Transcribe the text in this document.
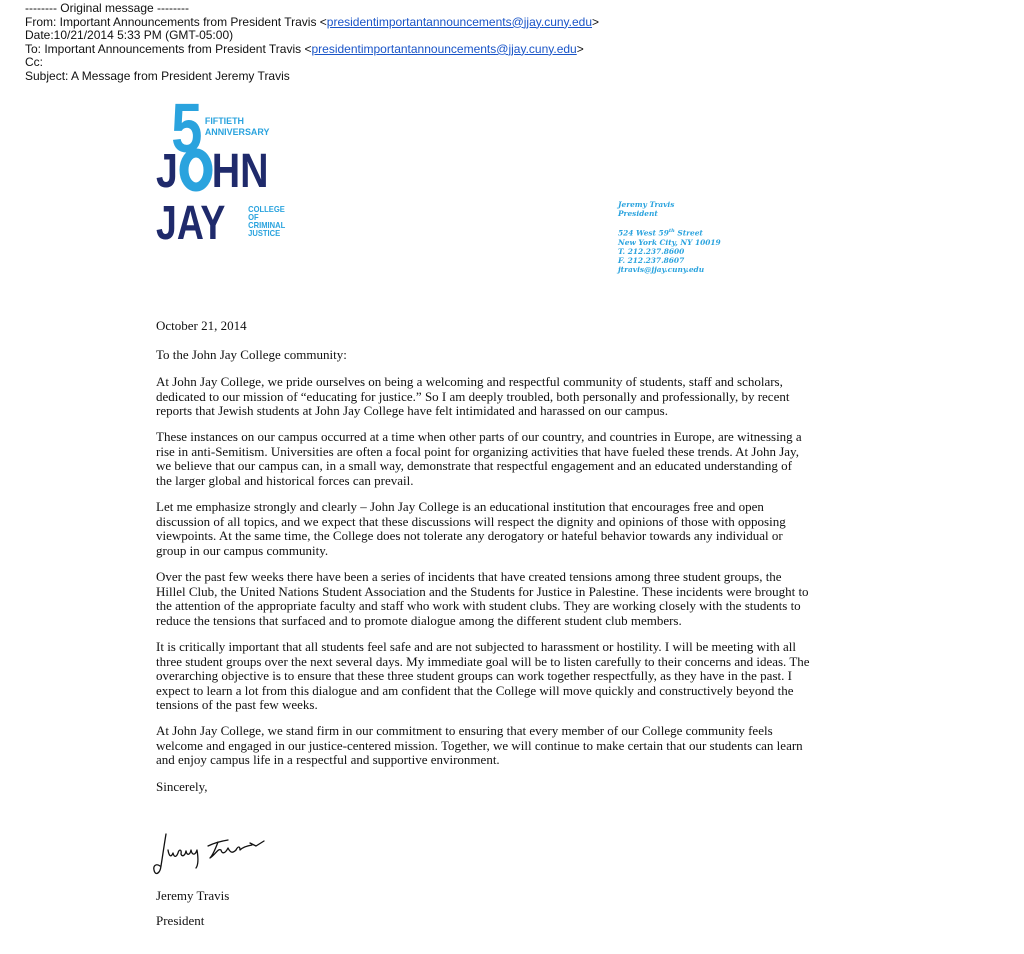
-------- Original message --------
From: Important Announcements from President Travis <presidentimportantannouncements@jjay.cuny.edu>
Date:10/21/2014 5:33 PM (GMT-05:00)
To: Important Announcements from President Travis <presidentimportantannouncements@jjay.cuny.edu>
Cc:
Subject: A Message from President Jeremy Travis
5 FIFTIETH
ANNIVERSARY
J HN
JAY	COLLEGE
OF
CRIMINAL
JUSTICE
Jeremy Travis
President
524 West 59th Street
New York City, NY 10019
T. 212.237.8600
F. 212.237.8607
jtravis@jjay.cuny.edu
October 21, 2014
To the John Jay College community:

At John Jay College, we pride ourselves on being a welcoming and respectful community of students, staff and scholars,

dedicated to our mission of “educating for justice.” So I am deeply troubled, both personally and professionally, by recent

reports that Jewish students at John Jay College have felt intimidated and harassed on our campus.

These instances on our campus occurred at a time when other parts of our country, and countries in Europe, are witnessing a

rise in anti-Semitism. Universities are often a focal point for organizing activities that have fueled these trends. At John Jay,

we believe that our campus can, in a small way, demonstrate that respectful engagement and an educated understanding of

the larger global and historical forces can prevail.

Let me emphasize strongly and clearly – John Jay College is an educational institution that encourages free and open

discussion of all topics, and we expect that these discussions will respect the dignity and opinions of those with opposing

viewpoints. At the same time, the College does not tolerate any derogatory or hateful behavior towards any individual or

group in our campus community.

Over the past few weeks there have been a series of incidents that have created tensions among three student groups, the

Hillel Club, the United Nations Student Association and the Students for Justice in Palestine. These incidents were brought to

the attention of the appropriate faculty and staff who work with student clubs. They are working closely with the students to

reduce the tensions that surfaced and to promote dialogue among the different student club members.

It is critically important that all students feel safe and are not subjected to harassment or hostility. I will be meeting with all

three student groups over the next several days. My immediate goal will be to listen carefully to their concerns and ideas. The

overarching objective is to ensure that these three student groups can work together respectfully, as they have in the past. I

expect to learn a lot from this dialogue and am confident that the College will move quickly and constructively beyond the

tensions of the past few weeks.

At John Jay College, we stand firm in our commitment to ensuring that every member of our College community feels

welcome and engaged in our justice-centered mission. Together, we will continue to make certain that our students can learn

and enjoy campus life in a respectful and supportive environment.

Sincerely,
Jeremy Travis
President
